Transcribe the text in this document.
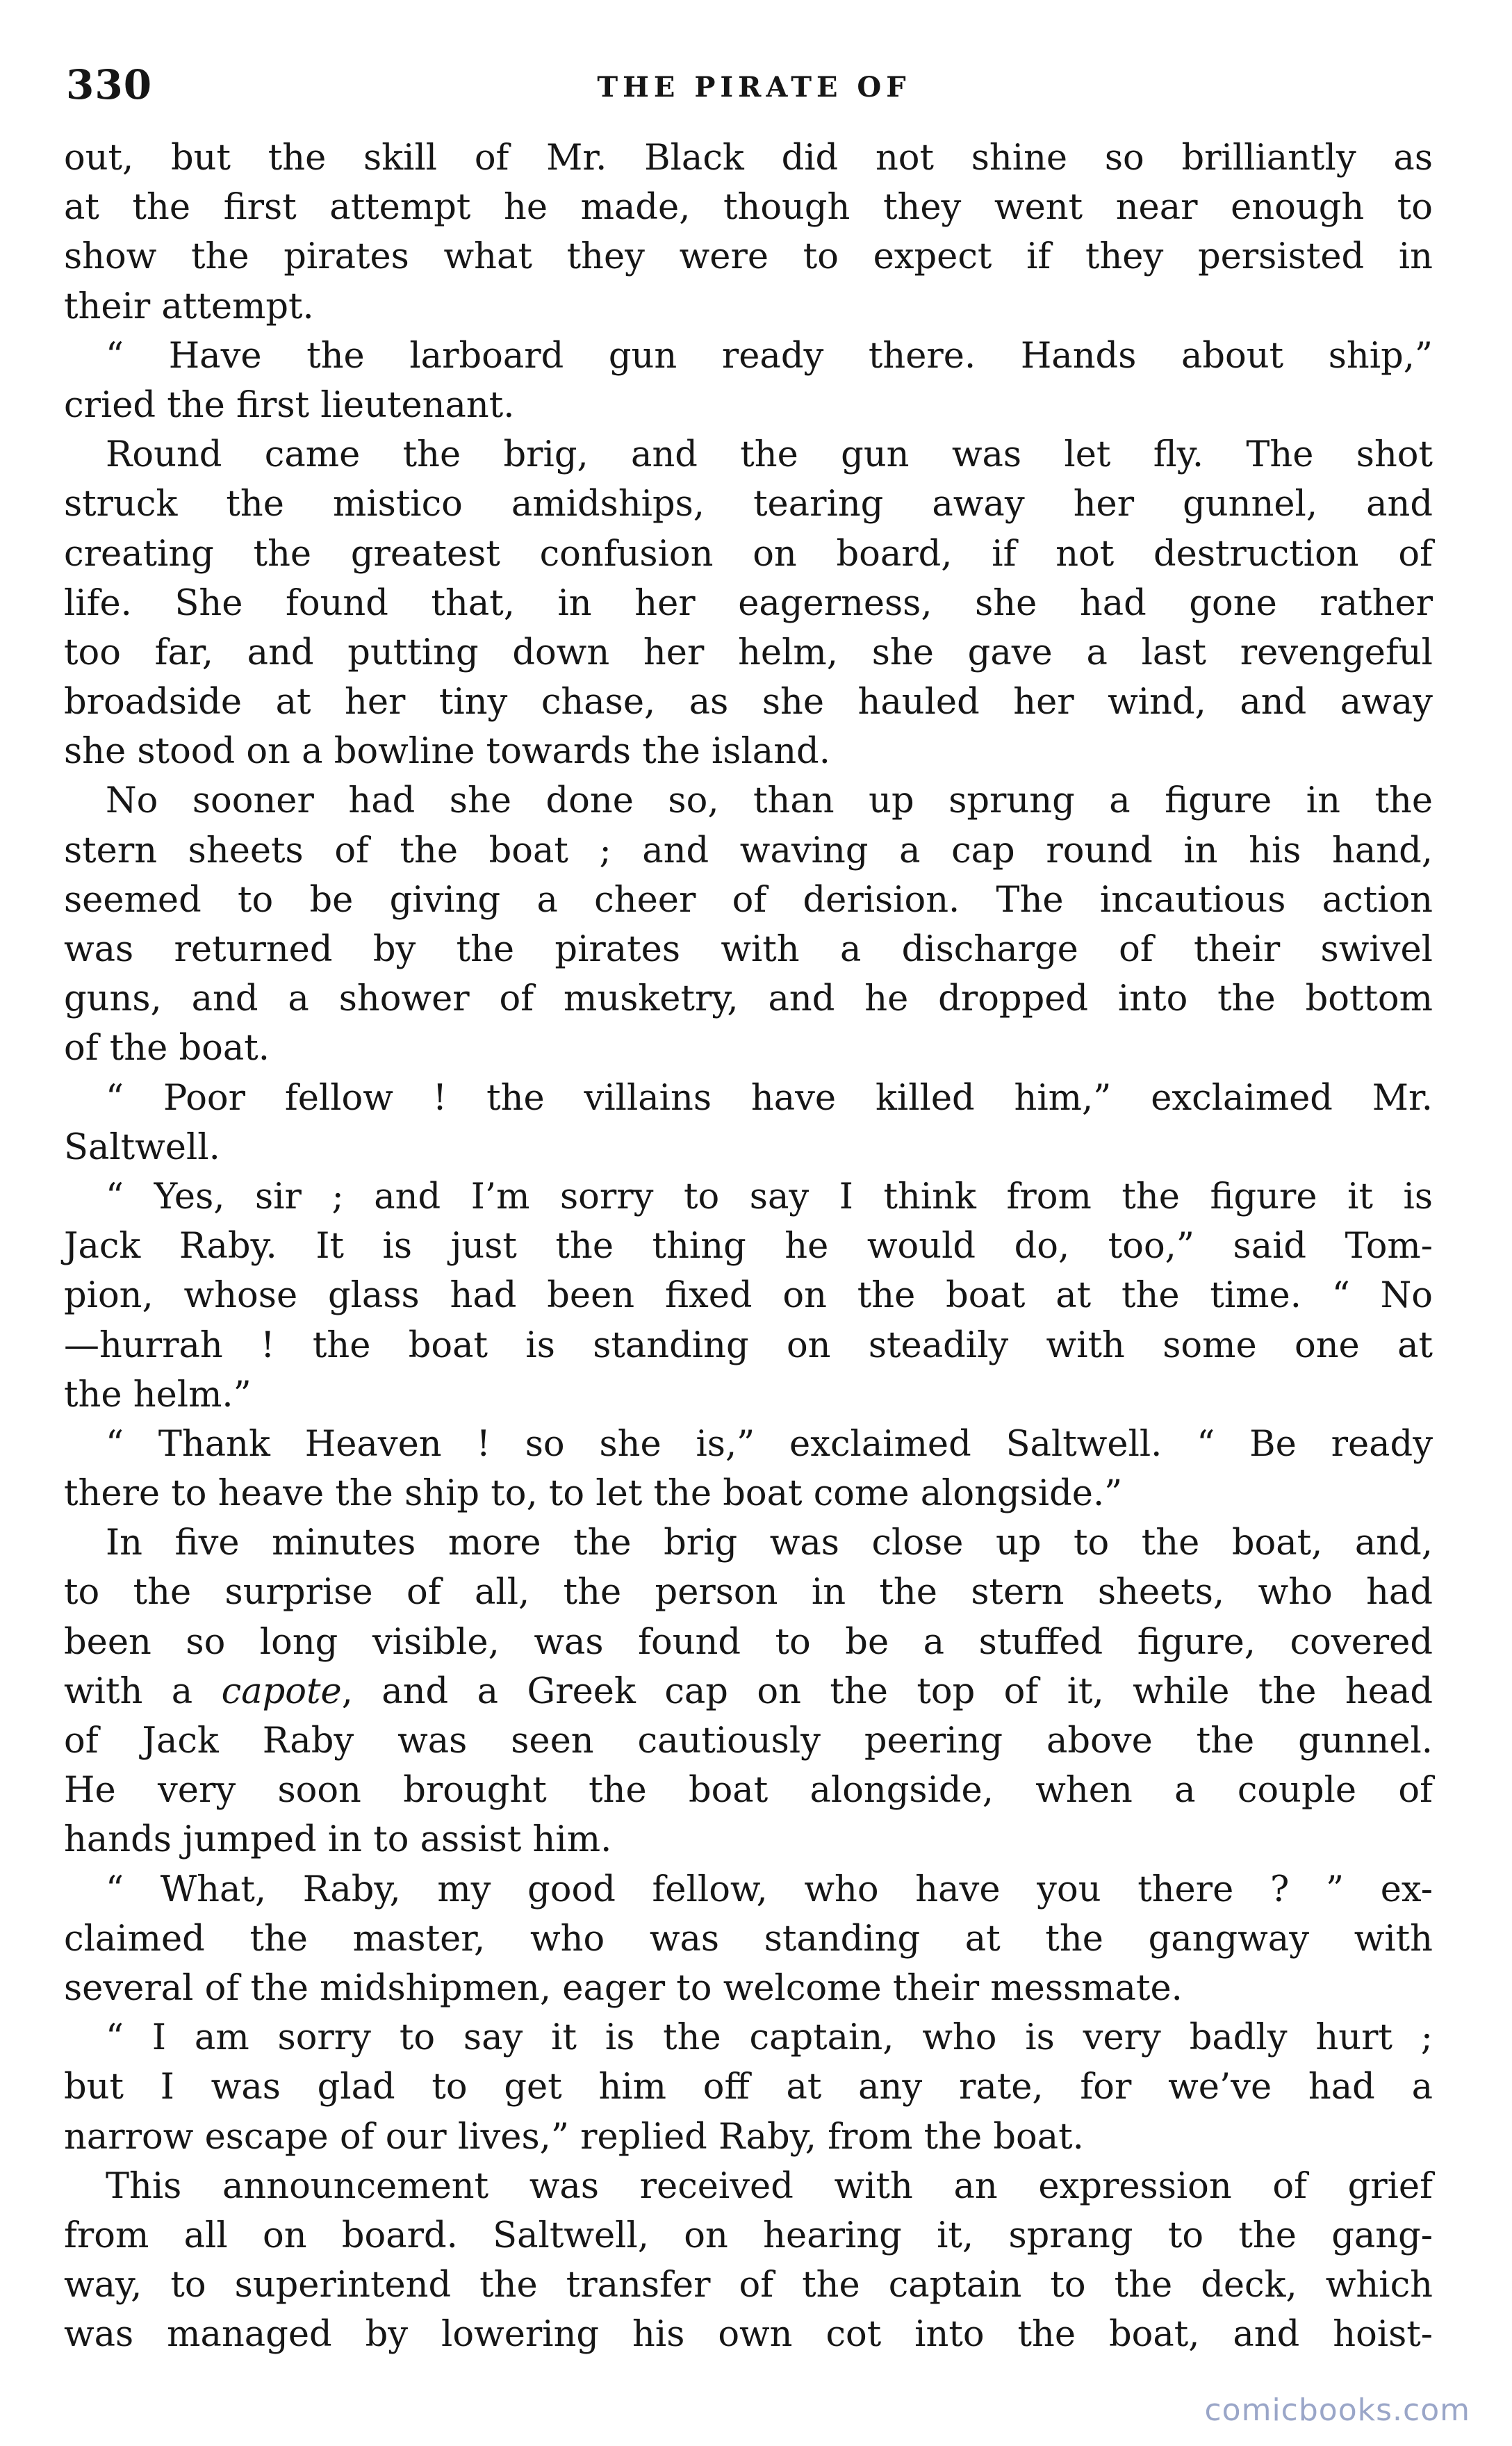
330	THE PIRATE OF
out, but the skill of Mr. Black did not shine so brilliantly as
at the first attempt he made, though they went near enough to
show the pirates what they were to expect if they persisted in
their attempt.
“ Have the larboard gun ready there. Hands about ship,”
cried the first lieutenant.
Round came the brig, and the gun was let fly. The shot
struck the mistico amidships, tearing away her gunnel, and
creating the greatest confusion on board, if not destruction of
life. She found that, in her eagerness, she had gone rather
too far, and putting down her helm, she gave a last revengeful
broadside at her tiny chase, as she hauled her wind, and away
she stood on a bowline towards the island.
No sooner had she done so, than up sprung a figure in the
stern sheets of the boat ; and waving a cap round in his hand,
seemed to be giving a cheer of derision. The incautious action
was returned by the pirates with a discharge of their swivel
guns, and a shower of musketry, and he dropped into the bottom
of the boat.
“ Poor fellow ! the villains have killed him,” exclaimed Mr.
Saltwell.
“ Yes, sir ; and I’m sorry to say I think from the figure it is
Jack Raby. It is just the thing he would do, too,” said Tom-
pion, whose glass had been fixed on the boat at the time. “ No
—hurrah ! the boat is standing on steadily with some one at
the helm.”
“ Thank Heaven ! so she is,” exclaimed Saltwell. “ Be ready
there to heave the ship to, to let the boat come alongside.”
In five minutes more the brig was close up to the boat, and,
to the surprise of all, the person in the stern sheets, who had
been so long visible, was found to be a stuffed figure, covered
with a capote, and a Greek cap on the top of it, while the head
of Jack Raby was seen cautiously peering above the gunnel.
He very soon brought the boat alongside, when a couple of
hands jumped in to assist him.
“ What, Raby, my good fellow, who have you there ? ” ex-
claimed the master, who was standing at the gangway with
several of the midshipmen, eager to welcome their messmate.
“ I am sorry to say it is the captain, who is very badly hurt ;
but I was glad to get him off at any rate, for we’ve had a
narrow escape of our lives,” replied Raby, from the boat.
This announcement was received with an expression of grief
from all on board. Saltwell, on hearing it, sprang to the gang-
way, to superintend the transfer of the captain to the deck, which
was managed by lowering his own cot into the boat, and hoist-
comicbooks.com
